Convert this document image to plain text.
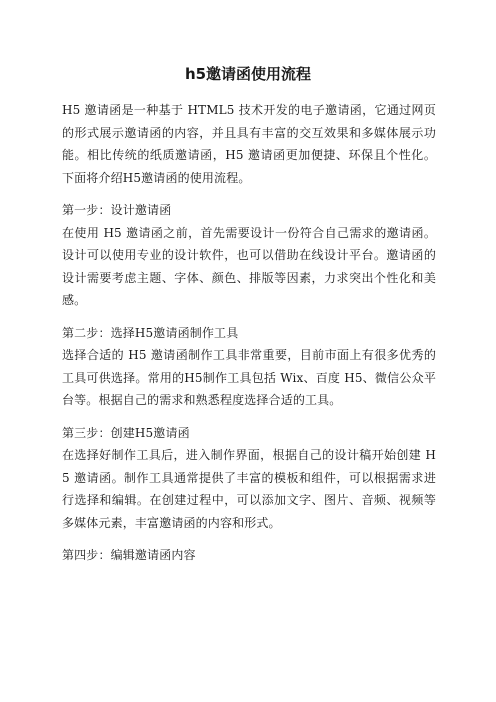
h5邀请函使用流程

H5 邀请函是一种基于 HTML5 技术开发的电子邀请函，它通过网页的形式展示邀请函的内容，并且具有丰富的交互效果和多媒体展示功能。相比传统的纸质邀请函，H5 邀请函更加便捷、环保且个性化。下面将介绍H5邀请函的使用流程。

第一步：设计邀请函

在使用 H5 邀请函之前，首先需要设计一份符合自己需求的邀请函。设计可以使用专业的设计软件，也可以借助在线设计平台。邀请函的设计需要考虑主题、字体、颜色、排版等因素，力求突出个性化和美感。

第二步：选择H5邀请函制作工具

选择合适的 H5 邀请函制作工具非常重要，目前市面上有很多优秀的工具可供选择。常用的H5制作工具包括 Wix、百度 H5、微信公众平台等。根据自己的需求和熟悉程度选择合适的工具。

第三步：创建H5邀请函

在选择好制作工具后，进入制作界面，根据自己的设计稿开始创建 H5 邀请函。制作工具通常提供了丰富的模板和组件，可以根据需求进行选择和编辑。在创建过程中，可以添加文字、图片、音频、视频等多媒体元素，丰富邀请函的内容和形式。

第四步：编辑邀请函内容
